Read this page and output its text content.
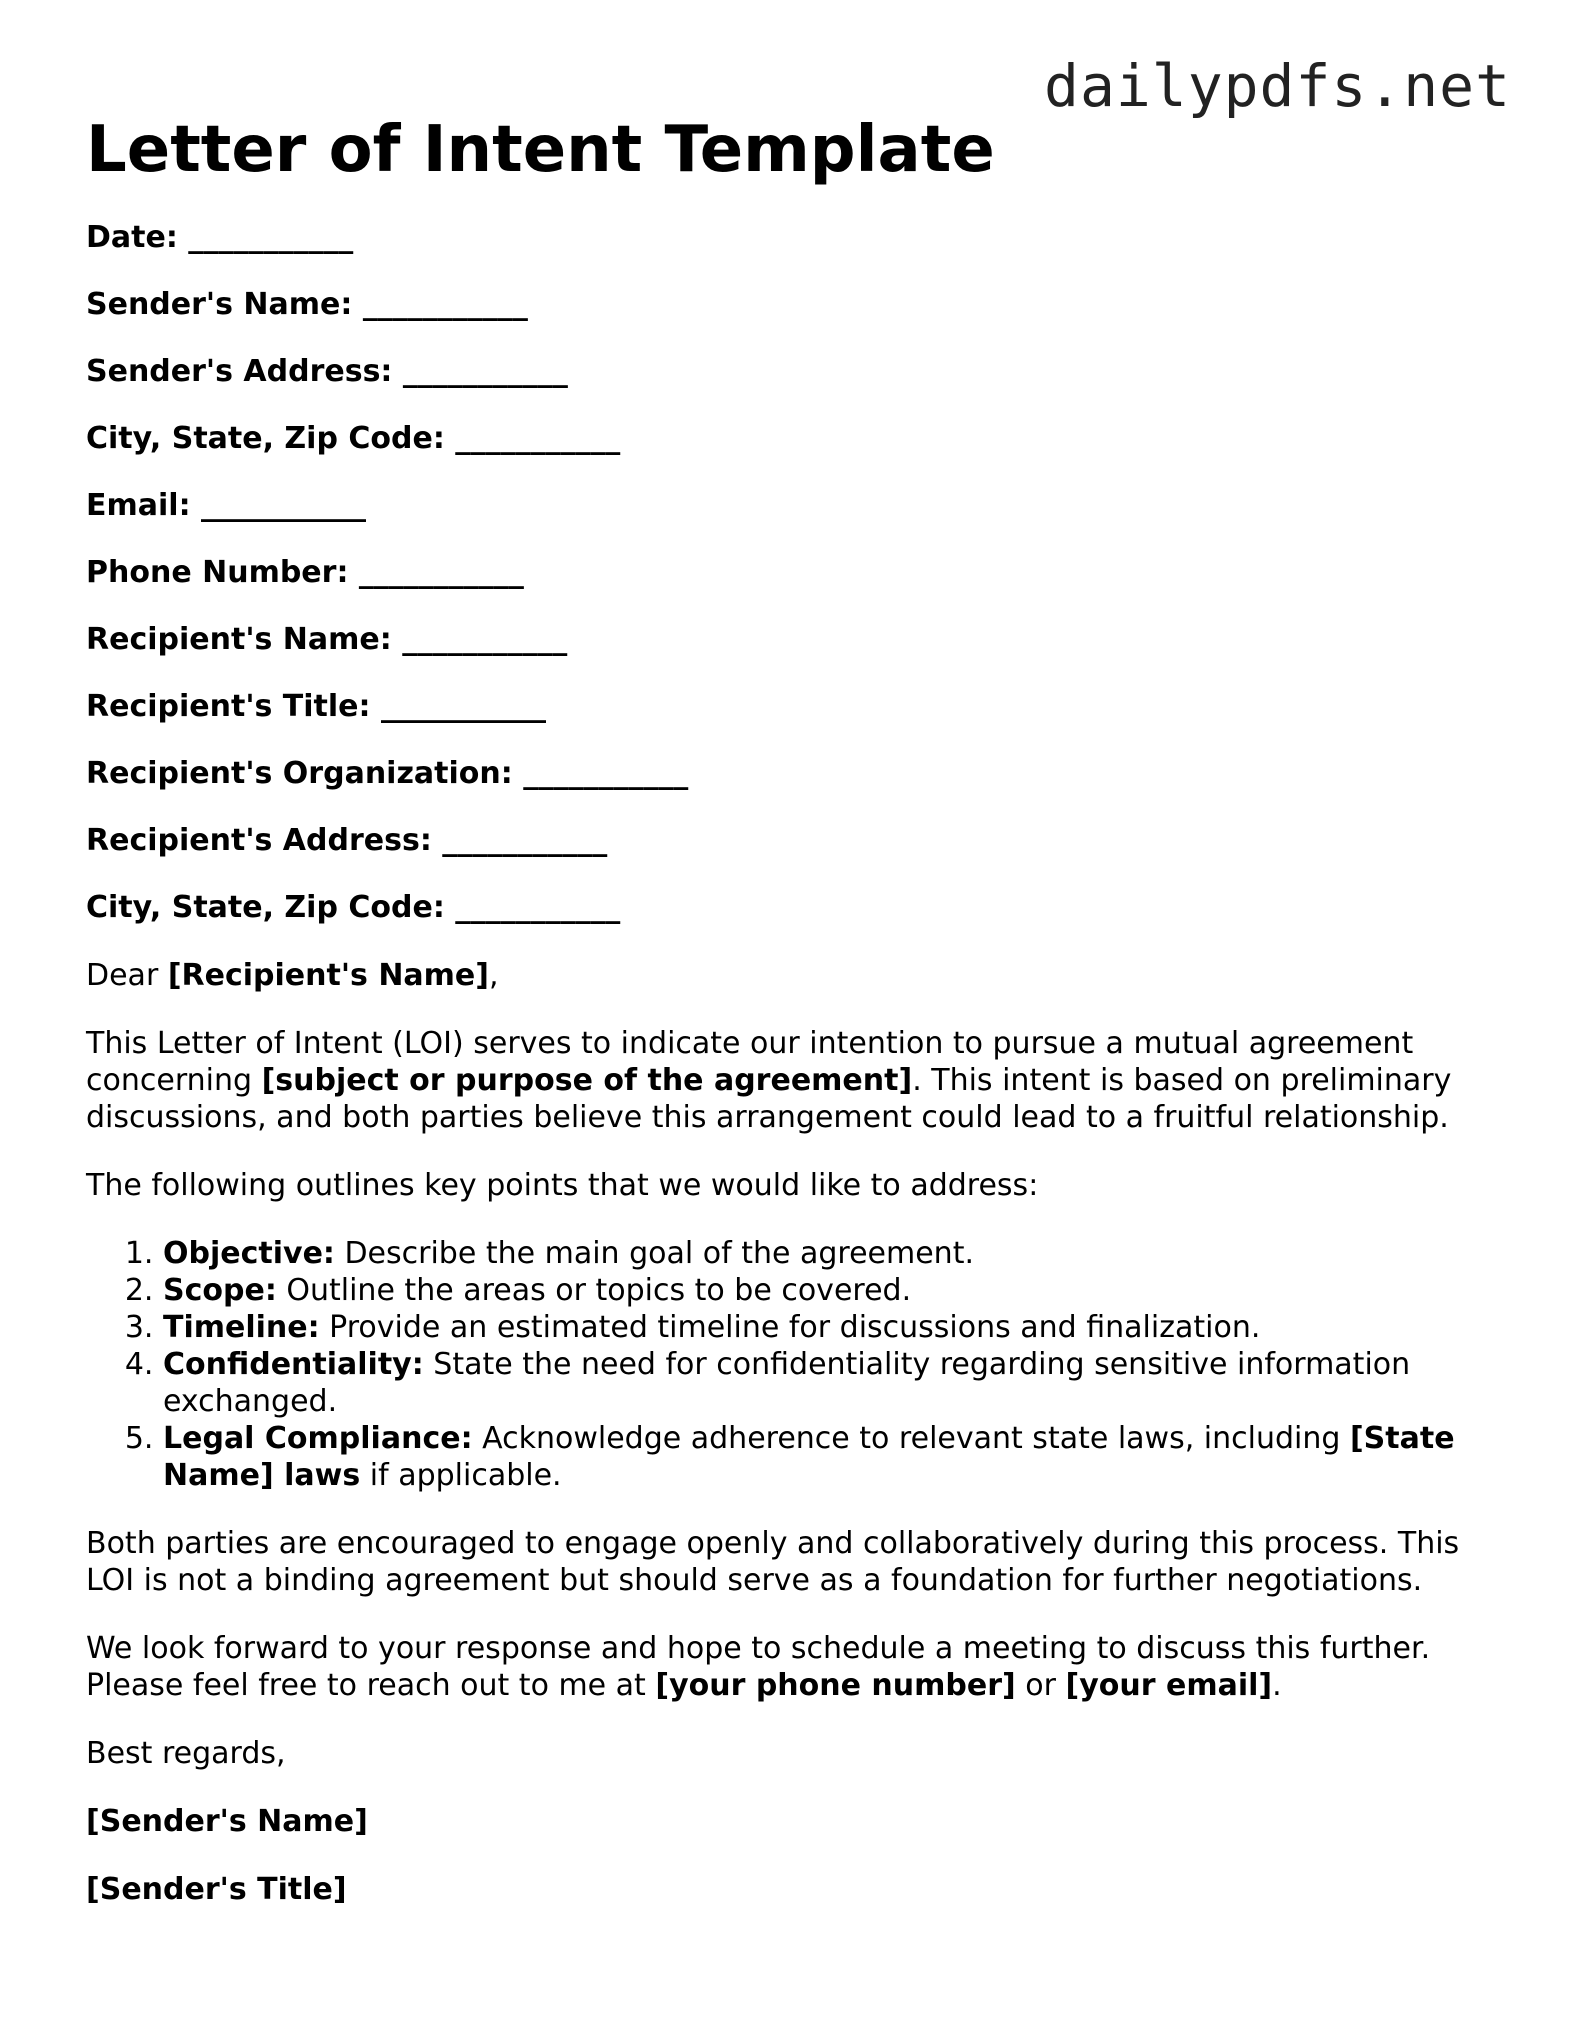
dailypdfs.net
Letter of Intent Template
Date: ___________
Sender's Name: ___________
Sender's Address: ___________
City, State, Zip Code: ___________
Email: ___________
Phone Number: ___________
Recipient's Name: ___________
Recipient's Title: ___________
Recipient's Organization: ___________
Recipient's Address: ___________
City, State, Zip Code: ___________

Dear [Recipient's Name],

This Letter of Intent (LOI) serves to indicate our intention to pursue a mutual agreement concerning [subject or purpose of the agreement]. This intent is based on preliminary discussions, and both parties believe this arrangement could lead to a fruitful relationship.

The following outlines key points that we would like to address:

1. Objective: Describe the main goal of the agreement.
2. Scope: Outline the areas or topics to be covered.
3. Timeline: Provide an estimated timeline for discussions and finalization.
4. Confidentiality: State the need for confidentiality regarding sensitive information exchanged.
5. Legal Compliance: Acknowledge adherence to relevant state laws, including [State Name] laws if applicable.

Both parties are encouraged to engage openly and collaboratively during this process. This LOI is not a binding agreement but should serve as a foundation for further negotiations.

We look forward to your response and hope to schedule a meeting to discuss this further. Please feel free to reach out to me at [your phone number] or [your email].

Best regards,

[Sender's Name]
[Sender's Title]
